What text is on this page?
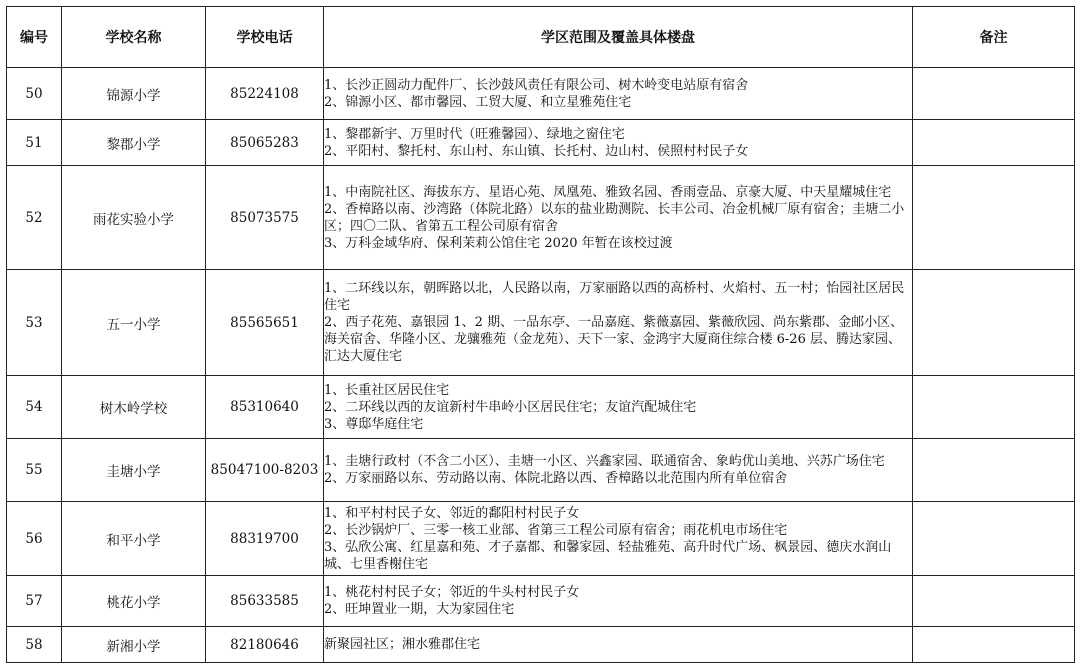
编号	学校名称	学校电话	学区范围及覆盖具体楼盘	备注
50	锦源小学	85224108	1、长沙正圆动力配件厂、长沙鼓风责任有限公司、树木岭变电站原有宿舍
2、锦源小区、都市馨园、工贸大厦、和立星雅苑住宅	

51	黎郡小学	85065283	1、黎郡新宇、万里时代（旺雅馨园）、绿地之窗住宅
2、平阳村、黎托村、东山村、东山镇、长托村、边山村、侯照村村民子女	

52	雨花实验小学	85073575	1、中南院社区、海拔东方、星语心苑、凤凰苑、雅致名园、香雨壹品、京豪大厦、中天星耀城住宅
2、香樟路以南、沙湾路（体院北路）以东的盐业勘测院、长丰公司、冶金机械厂原有宿舍；圭塘二小区；四〇二队、省第五工程公司原有宿舍
3、万科金域华府、保利茉莉公馆住宅 2020 年暂在该校过渡	

53	五一小学	85565651	1、二环线以东，朝晖路以北，人民路以南，万家丽路以西的高桥村、火焰村、五一村；怡园社区居民住宅
2、西子花苑、嘉银园 1、2 期、一品东亭、一品嘉庭、紫薇嘉园、紫薇欣园、尚东紫郡、金邮小区、海关宿舍、华隆小区、龙骧雅苑（金龙苑）、天下一家、金鸿宇大厦商住综合楼 6-26 层、腾达家园、汇达大厦住宅	

54	树木岭学校	85310640	1、长重社区居民住宅
2、二环线以西的友谊新村牛串岭小区居民住宅；友谊汽配城住宅
3、尊邸华庭住宅	

55	圭塘小学	85047100-8203	1、圭塘行政村（不含二小区）、圭塘一小区、兴鑫家园、联通宿舍、象屿优山美地、兴苏广场住宅
2、万家丽路以东、劳动路以南、体院北路以西、香樟路以北范围内所有单位宿舍	

56	和平小学	88319700	1、和平村村民子女、邻近的鄱阳村村民子女
2、长沙锅炉厂、三零一核工业部、省第三工程公司原有宿舍；雨花机电市场住宅
3、弘欣公寓、红星嘉和苑、才子嘉都、和馨家园、轻盐雅苑、高升时代广场、枫景园、德庆水润山城、七里香榭住宅	

57	桃花小学	85633585	1、桃花村村民子女；邻近的牛头村村民子女
2、旺坤置业一期，大为家园住宅	

58	新湘小学	82180646	新聚园社区；湘水雅郡住宅	
